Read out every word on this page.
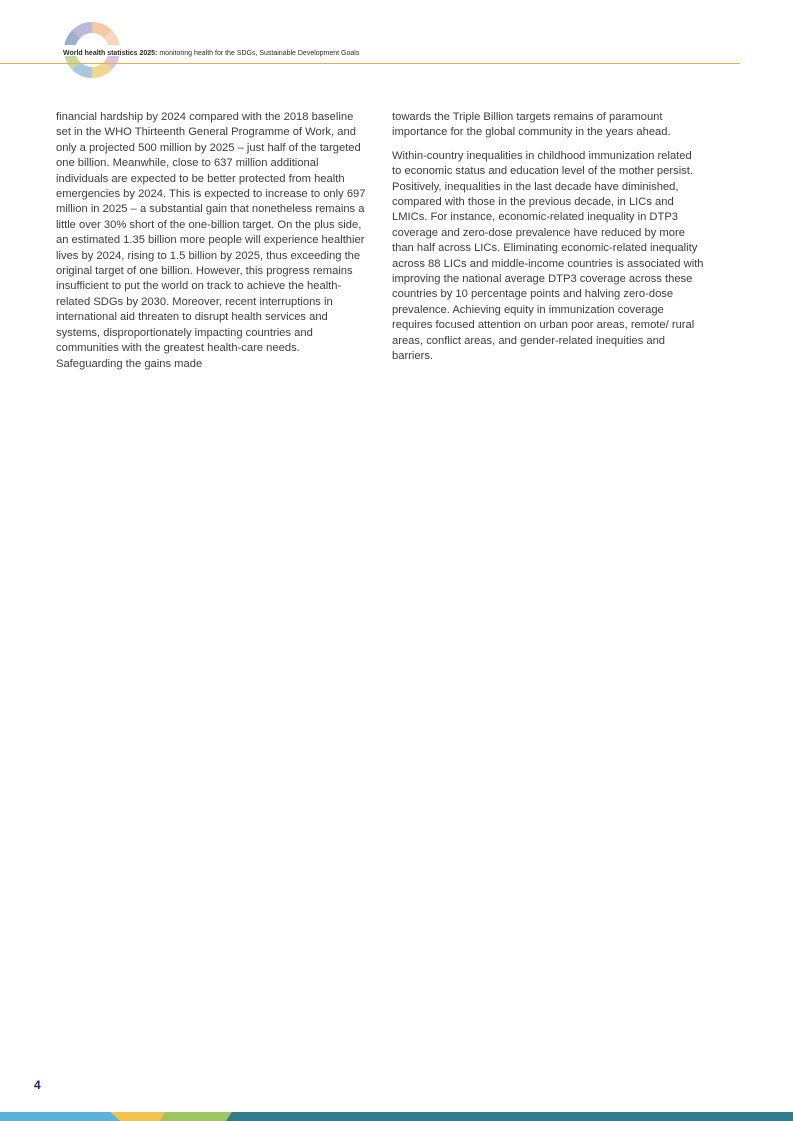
World health statistics 2025: monitoring health for the SDGs, Sustainable Development Goals

financial hardship by 2024 compared with the 2018 baseline set in the WHO Thirteenth General Programme of Work, and only a projected 500 million by 2025 – just half of the targeted one billion. Meanwhile, close to 637 million additional individuals are expected to be better protected from health emergencies by 2024. This is expected to increase to only 697 million in 2025 – a substantial gain that nonetheless remains a little over 30% short of the one-billion target. On the plus side, an estimated 1.35 billion more people will experience healthier lives by 2024, rising to 1.5 billion by 2025, thus exceeding the original target of one billion. However, this progress remains insufficient to put the world on track to achieve the health-related SDGs by 2030. Moreover, recent interruptions in international aid threaten to disrupt health services and systems, disproportionately impacting countries and communities with the greatest health-care needs. Safeguarding the gains made

towards the Triple Billion targets remains of paramount importance for the global community in the years ahead.

Within-country inequalities in childhood immunization related to economic status and education level of the mother persist. Positively, inequalities in the last decade have diminished, compared with those in the previous decade, in LICs and LMICs. For instance, economic-related inequality in DTP3 coverage and zero-dose prevalence have reduced by more than half across LICs. Eliminating economic-related inequality across 88 LICs and middle-income countries is associated with improving the national average DTP3 coverage across these countries by 10 percentage points and halving zero-dose prevalence. Achieving equity in immunization coverage requires focused attention on urban poor areas, remote/ rural areas, conflict areas, and gender-related inequities and barriers.

4
